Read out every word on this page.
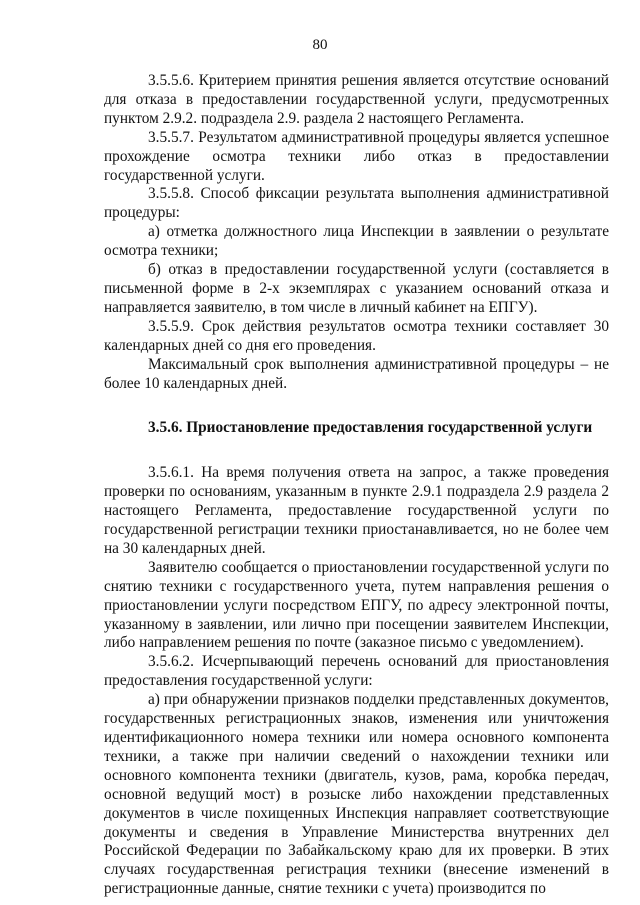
80

3.5.5.6. Критерием принятия решения является отсутствие оснований для отказа в предоставлении государственной услуги, предусмотренных пунктом 2.9.2. подраздела 2.9. раздела 2 настоящего Регламента.

3.5.5.7. Результатом административной процедуры является успешное прохождение осмотра техники либо отказ в предоставлении государственной услуги.

3.5.5.8. Способ фиксации результата выполнения административной процедуры:

а) отметка должностного лица Инспекции в заявлении о результате осмотра техники;

б) отказ в предоставлении государственной услуги (составляется в письменной форме в 2-х экземплярах с указанием оснований отказа и направляется заявителю, в том числе в личный кабинет на ЕПГУ).

3.5.5.9. Срок действия результатов осмотра техники составляет 30 календарных дней со дня его проведения.

Максимальный срок выполнения административной процедуры – не более 10 календарных дней.

3.5.6. Приостановление предоставления государственной услуги

3.5.6.1. На время получения ответа на запрос, а также проведения проверки по основаниям, указанным в пункте 2.9.1 подраздела 2.9 раздела 2 настоящего Регламента, предоставление государственной услуги по государственной регистрации техники приостанавливается, но не более чем на 30 календарных дней.

Заявителю сообщается о приостановлении государственной услуги по снятию техники с государственного учета, путем направления решения о приостановлении услуги посредством ЕПГУ, по адресу электронной почты, указанному в заявлении, или лично при посещении заявителем Инспекции, либо направлением решения по почте (заказное письмо с уведомлением).

3.5.6.2. Исчерпывающий перечень оснований для приостановления предоставления государственной услуги:

а) при обнаружении признаков подделки представленных документов, государственных регистрационных знаков, изменения или уничтожения идентификационного номера техники или номера основного компонента техники, а также при наличии сведений о нахождении техники или основного компонента техники (двигатель, кузов, рама, коробка передач, основной ведущий мост) в розыске либо нахождении представленных документов в числе похищенных Инспекция направляет соответствующие документы и сведения в Управление Министерства внутренних дел Российской Федерации по Забайкальскому краю для их проверки. В этих случаях государственная регистрация техники (внесение изменений в регистрационные данные, снятие техники с учета) производится по
